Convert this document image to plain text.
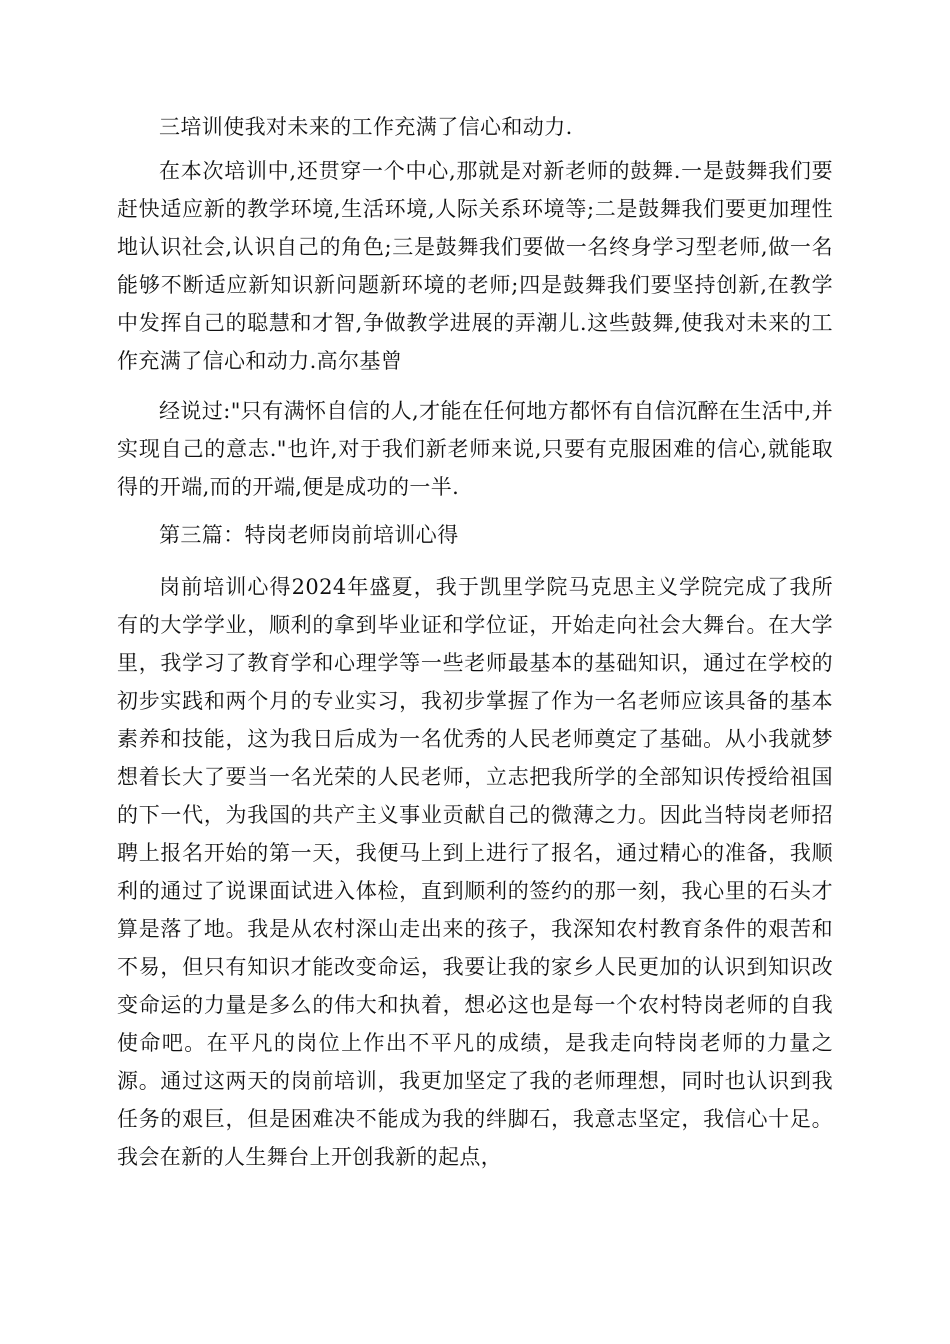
三培训使我对未来的工作充满了信心和动力.

在本次培训中,还贯穿一个中心,那就是对新老师的鼓舞.一是鼓舞我们要赶快适应新的教学环境,生活环境,人际关系环境等;二是鼓舞我们要更加理性地认识社会,认识自己的角色;三是鼓舞我们要做一名终身学习型老师,做一名能够不断适应新知识新问题新环境的老师;四是鼓舞我们要坚持创新,在教学中发挥自己的聪慧和才智,争做教学进展的弄潮儿.这些鼓舞,使我对未来的工作充满了信心和动力.高尔基曾

经说过:"只有满怀自信的人,才能在任何地方都怀有自信沉醉在生活中,并实现自己的意志."也许,对于我们新老师来说,只要有克服困难的信心,就能取得的开端,而的开端,便是成功的一半.

第三篇：特岗老师岗前培训心得

岗前培训心得2024年盛夏，我于凯里学院马克思主义学院完成了我所有的大学学业，顺利的拿到毕业证和学位证，开始走向社会大舞台。在大学里，我学习了教育学和心理学等一些老师最基本的基础知识，通过在学校的初步实践和两个月的专业实习，我初步掌握了作为一名老师应该具备的基本素养和技能，这为我日后成为一名优秀的人民老师奠定了基础。从小我就梦想着长大了要当一名光荣的人民老师，立志把我所学的全部知识传授给祖国的下一代，为我国的共产主义事业贡献自己的微薄之力。因此当特岗老师招聘上报名开始的第一天，我便马上到上进行了报名，通过精心的准备，我顺利的通过了说课面试进入体检，直到顺利的签约的那一刻，我心里的石头才算是落了地。我是从农村深山走出来的孩子，我深知农村教育条件的艰苦和不易，但只有知识才能改变命运，我要让我的家乡人民更加的认识到知识改变命运的力量是多么的伟大和执着，想必这也是每一个农村特岗老师的自我使命吧。在平凡的岗位上作出不平凡的成绩，是我走向特岗老师的力量之源。通过这两天的岗前培训，我更加坚定了我的老师理想，同时也认识到我任务的艰巨，但是困难决不能成为我的绊脚石，我意志坚定，我信心十足。我会在新的人生舞台上开创我新的起点，
